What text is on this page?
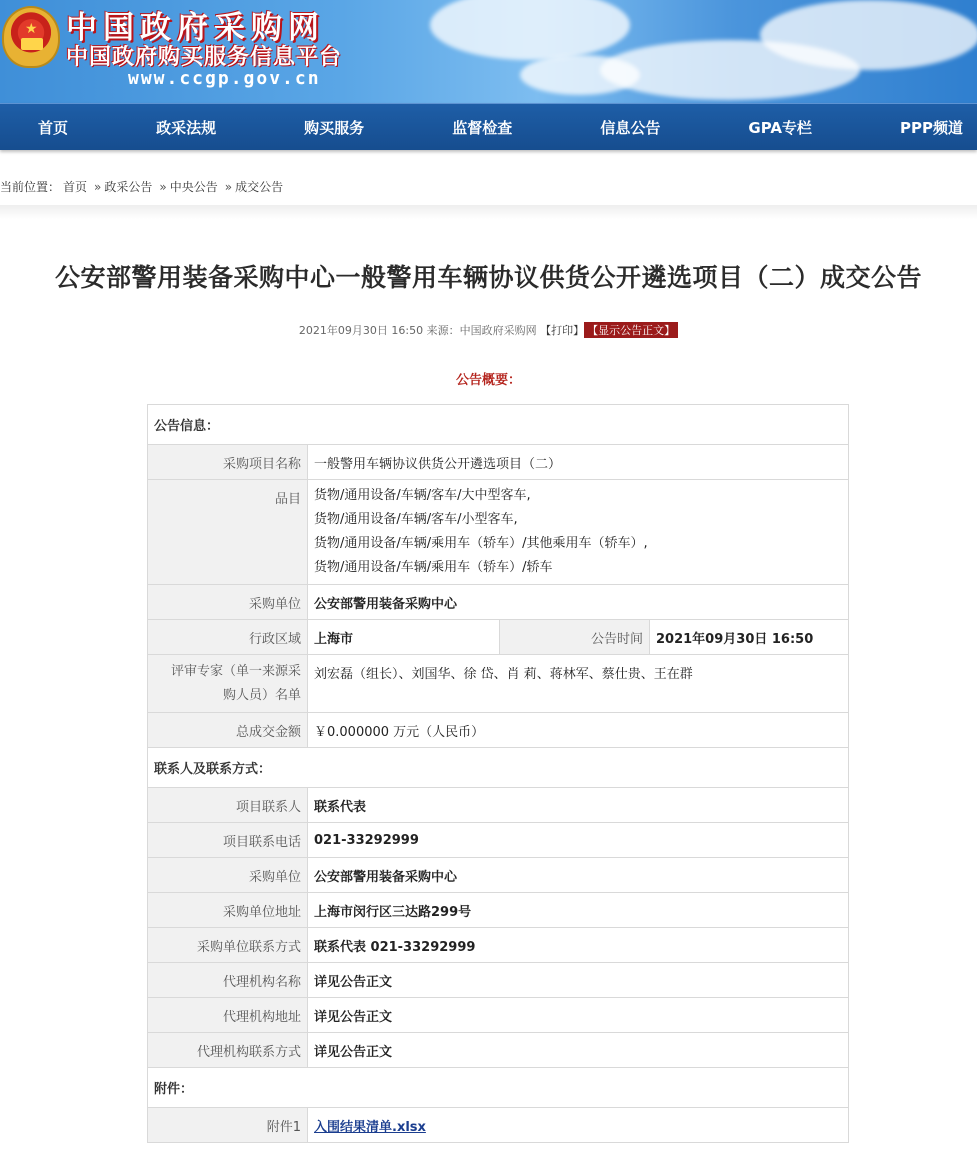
★ 中国政府采购网
中国政府购买服务信息平台
www.ccgp.gov.cn
首页	政采法规	购买服务	监督检查	信息公告	GPA专栏	PPP频道
当前位置： 首页 » 政采公告 » 中央公告 » 成交公告
公安部警用装备采购中心一般警用车辆协议供货公开遴选项目（二）成交公告
2021年09月30日 16:50 来源：中国政府采购网 【打印】 【显示公告正文】
公告概要：
公告信息：			
采购项目名称	一般警用车辆协议供货公开遴选项目（二）		
品目	货物/通用设备/车辆/客车/大中型客车,
货物/通用设备/车辆/客车/小型客车,
货物/通用设备/车辆/乘用车（轿车）/其他乘用车（轿车）,
货物/通用设备/车辆/乘用车（轿车）/轿车		

采购单位	公安部警用装备采购中心		
行政区域	上海市	公告时间	2021年09月30日 16:50

评审专家（单一来源采
购人员）名单	刘宏磊（组长）、刘国华、徐 岱、肖 莉、蒋林军、蔡仕贵、王在群		
总成交金额	￥0.000000 万元（人民币）		
联系人及联系方式：			
项目联系人	联系代表		
项目联系电话	021-33292999		
采购单位	公安部警用装备采购中心		
采购单位地址	上海市闵行区三达路299号		
采购单位联系方式	联系代表 021-33292999		
代理机构名称	详见公告正文		
代理机构地址	详见公告正文		
代理机构联系方式	详见公告正文		
附件：			
附件1	入围结果清单.xlsx		
